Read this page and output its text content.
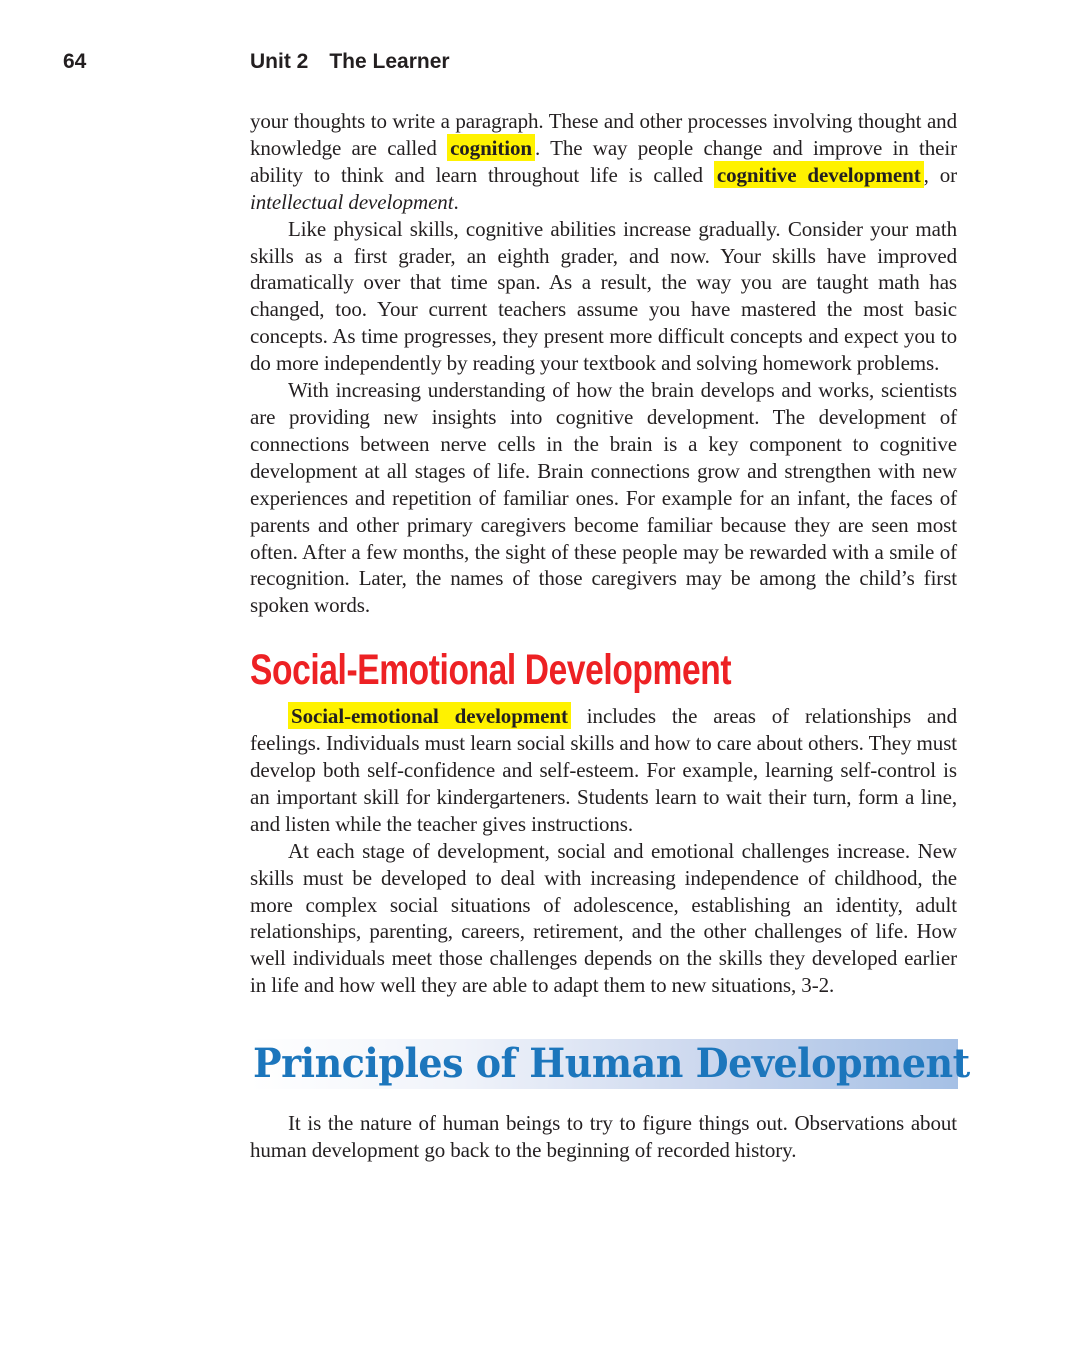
64	Unit 2 The Learner

your thoughts to write a paragraph. These and other processes involving thought and knowledge are called cognition . The way people change and improve in their ability to think and learn throughout life is called cognitive development , or intellectual development.

Like physical skills, cognitive abilities increase gradually. Consider your math skills as a first grader, an eighth grader, and now. Your skills have improved dramatically over that time span. As a result, the way you are taught math has changed, too. Your current teachers assume you have mastered the most basic concepts. As time progresses, they present more difficult concepts and expect you to do more independently by reading your textbook and solving homework problems.

With increasing understanding of how the brain develops and works, scientists are providing new insights into cognitive development. The development of connections between nerve cells in the brain is a key component to cognitive development at all stages of life. Brain connections grow and strengthen with new experiences and repetition of familiar ones. For example for an infant, the faces of parents and other primary caregivers become familiar because they are seen most often. After a few months, the sight of these people may be rewarded with a smile of recognition. Later, the names of those caregivers may be among the child’s first spoken words.

Social-Emotional Development

Social-emotional development includes the areas of relationships and feelings. Individuals must learn social skills and how to care about others. They must develop both self-confidence and self-esteem. For example, learning self-control is an important skill for kindergarteners. Students learn to wait their turn, form a line, and listen while the teacher gives instructions.

At each stage of development, social and emotional challenges increase. New skills must be developed to deal with increasing independence of childhood, the more complex social situations of adolescence, establishing an identity, adult relationships, parenting, careers, retirement, and the other challenges of life. How well individuals meet those challenges depends on the skills they developed earlier in life and how well they are able to adapt them to new situations, 3-2.

Principles of Human Development

It is the nature of human beings to try to figure things out. Observations about human development go back to the beginning of recorded history.
